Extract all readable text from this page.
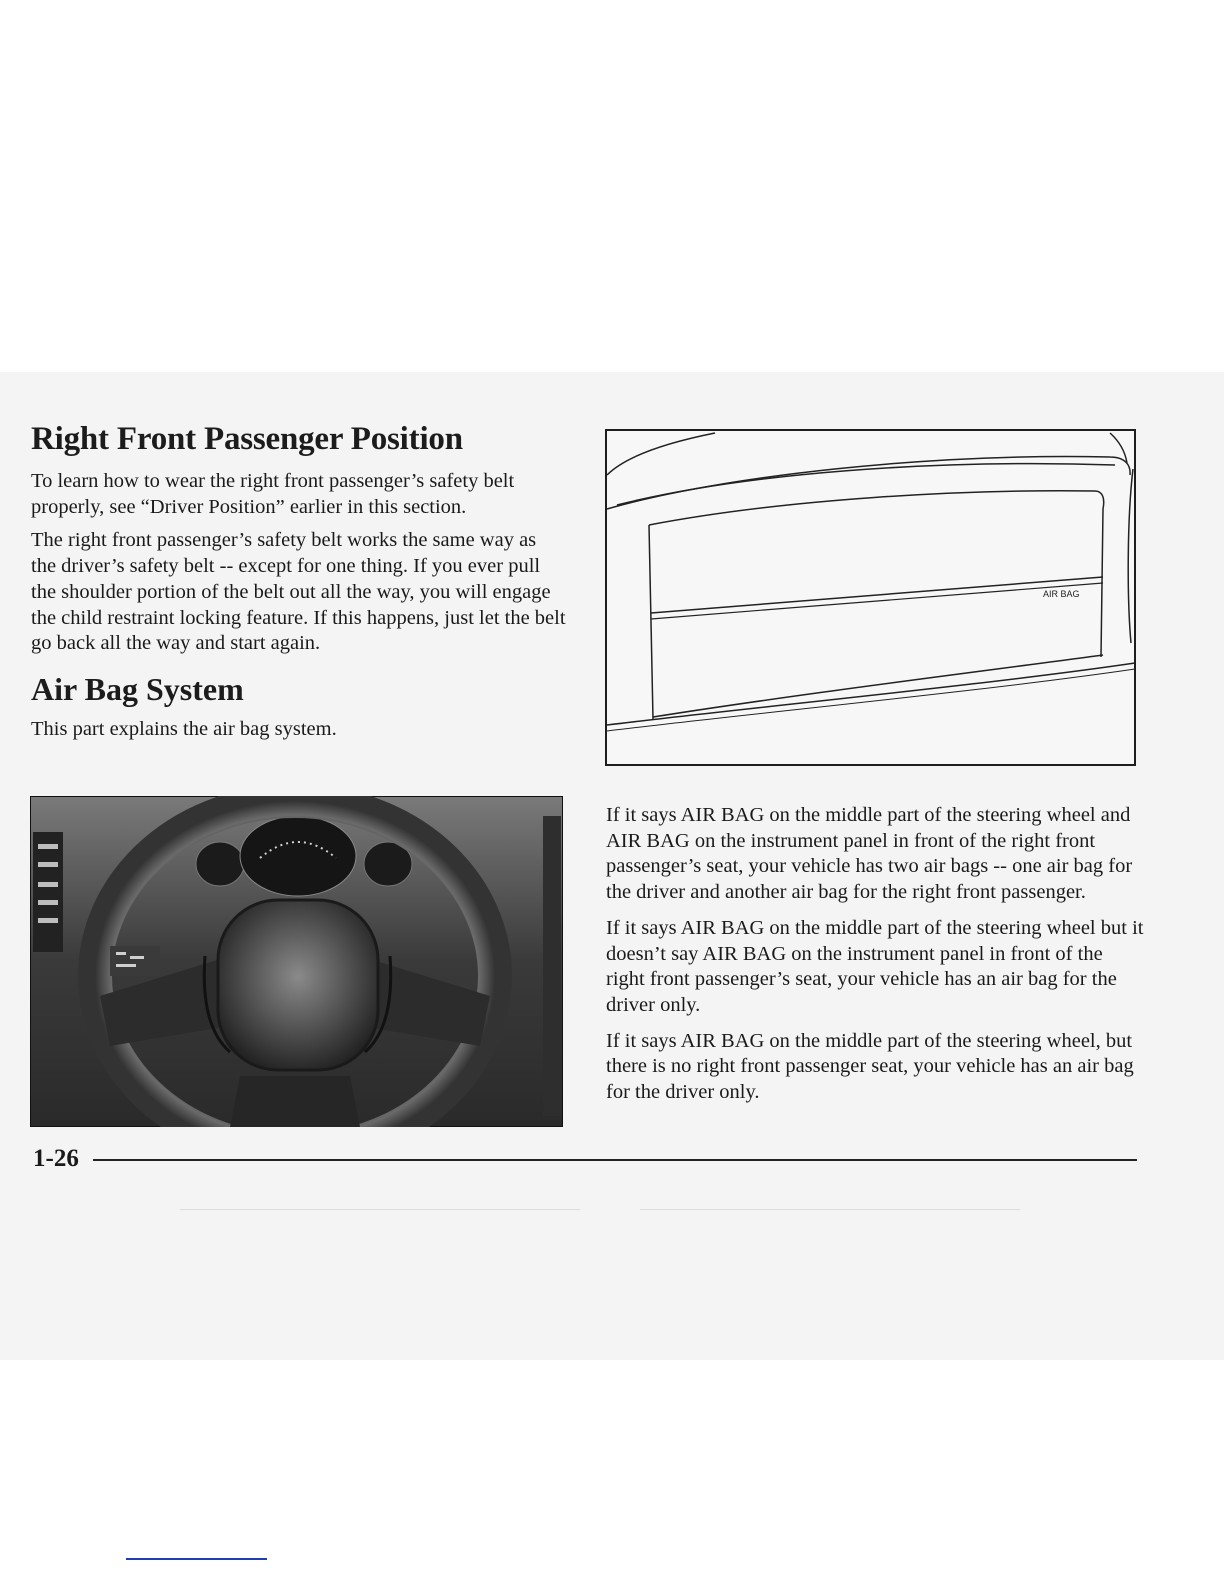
Right Front Passenger Position

To learn how to wear the right front passenger’s safety belt properly, see “Driver Position” earlier in this section.

The right front passenger’s safety belt works the same way as the driver’s safety belt -- except for one thing. If you ever pull the shoulder portion of the belt out all the way, you will engage the child restraint locking feature. If this happens, just let the belt go back all the way and start again.

Air Bag System

This part explains the air bag system.

AIR BAG

If it says AIR BAG on the middle part of the steering wheel and AIR BAG on the instrument panel in front of the right front passenger’s seat, your vehicle has two air bags -- one air bag for the driver and another air bag for the right front passenger.

If it says AIR BAG on the middle part of the steering wheel but it doesn’t say AIR BAG on the instrument panel in front of the right front passenger’s seat, your vehicle has an air bag for the driver only.

If it says AIR BAG on the middle part of the steering wheel, but there is no right front passenger seat, your vehicle has an air bag for the driver only.

1-26
